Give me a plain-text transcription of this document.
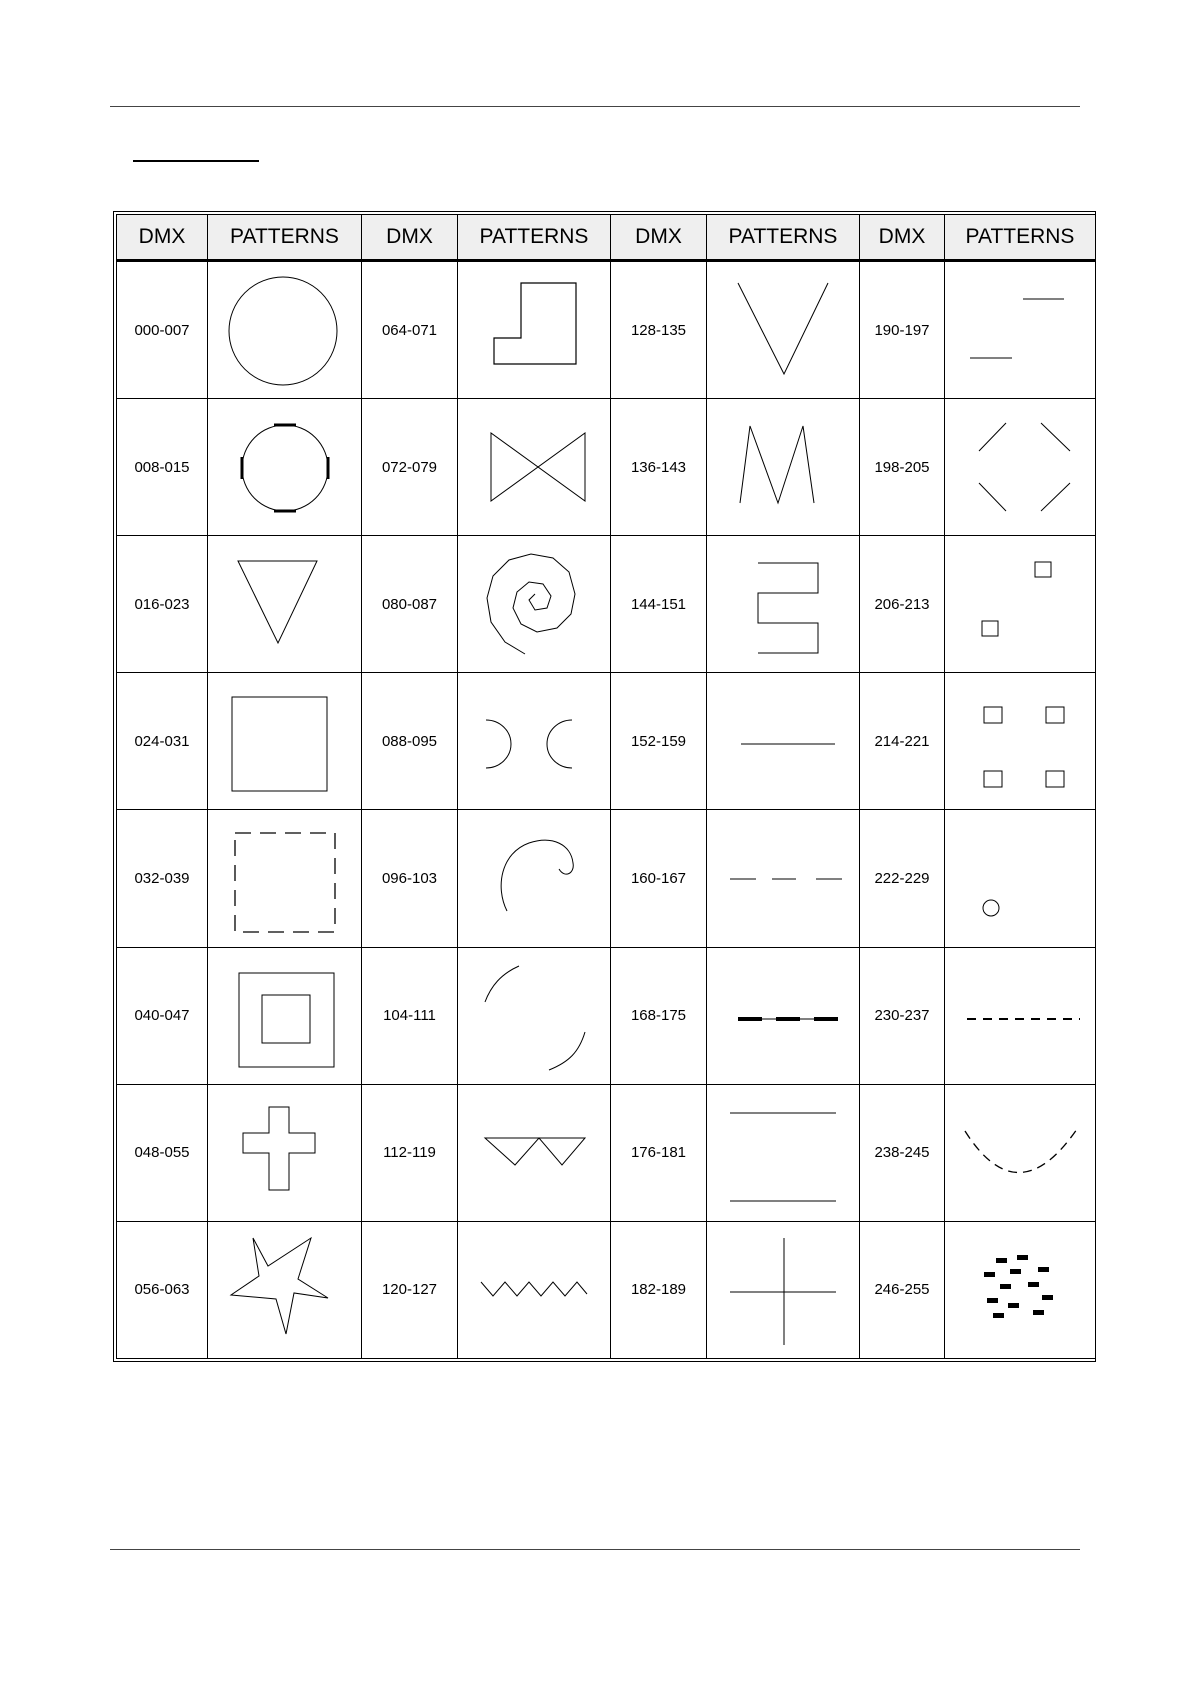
DMX	PATTERNS	DMX	PATTERNS	DMX	PATTERNS	DMX	PATTERNS
000-007		064-071		128-135		190-197	

008-015		072-079		136-143		198-205	

016-023		080-087		144-151		206-213	

024-031		088-095		152-159		214-221	

032-039		096-103		160-167		222-229	

040-047		104-111		168-175		230-237	

048-055		112-119		176-181		238-245	

056-063		120-127		182-189		246-255	
